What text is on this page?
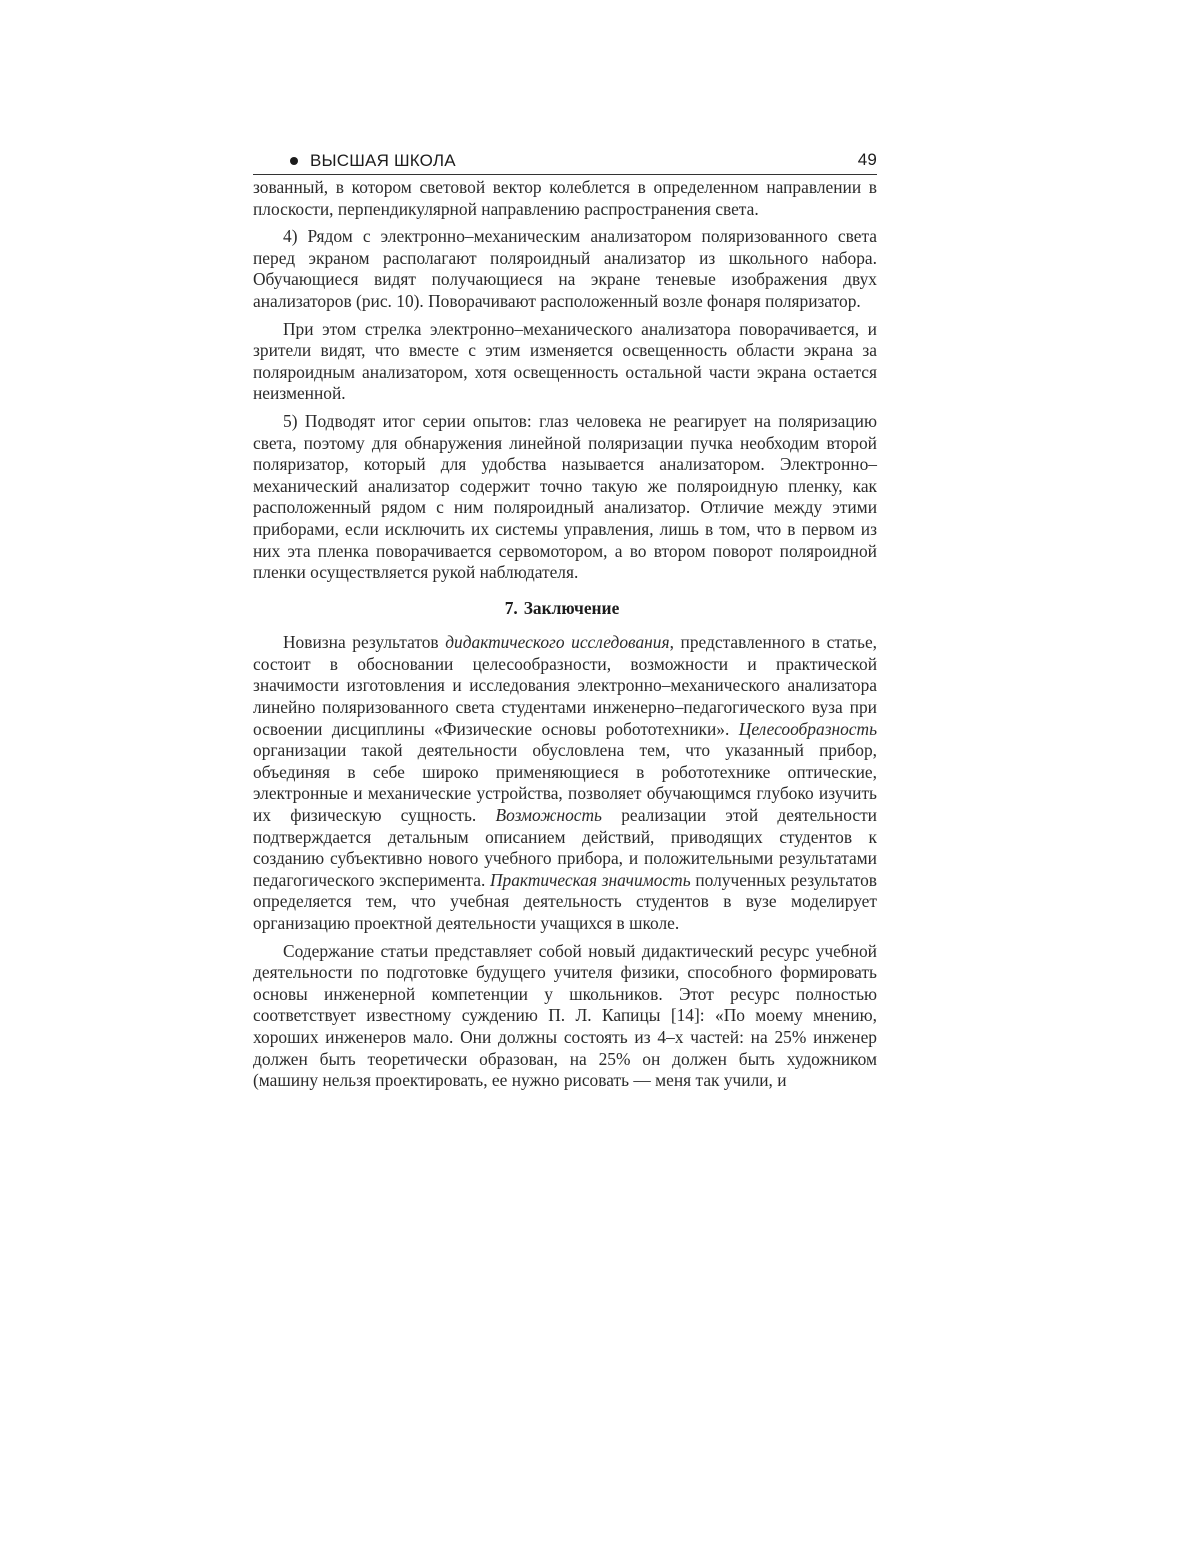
ВЫСШАЯ ШКОЛА	49

зованный, в котором световой вектор колеблется в определенном направлении в плоскости, перпендикулярной направлению распространения света.

4) Рядом с электронно–механическим анализатором поляризованного света перед экраном располагают поляроидный анализатор из школьного набора. Обучающиеся видят получающиеся на экране теневые изображения двух анализаторов (рис. 10). Поворачивают расположенный возле фонаря поляризатор.

При этом стрелка электронно–механического анализатора поворачивается, и зрители видят, что вместе с этим изменяется освещенность области экрана за поляроидным анализатором, хотя освещенность остальной части экрана остается неизменной.

5) Подводят итог серии опытов: глаз человека не реагирует на поляризацию света, поэтому для обнаружения линейной поляризации пучка необходим второй поляризатор, который для удобства называется анализатором. Электронно–механический анализатор содержит точно такую же поляроидную пленку, как расположенный рядом с ним поляроидный анализатор. Отличие между этими приборами, если исключить их системы управления, лишь в том, что в первом из них эта пленка поворачивается сервомотором, а во втором поворот поляроидной пленки осуществляется рукой наблюдателя.

7. Заключение

Новизна результатов дидактического исследования, представленного в статье, состоит в обосновании целесообразности, возможности и практической значимости изготовления и исследования электронно–механического анализатора линейно поляризованного света студентами инженерно–педагогического вуза при освоении дисциплины «Физические основы робототехники». Целесообразность организации такой деятельности обусловлена тем, что указанный прибор, объединяя в себе широко применяющиеся в робототехнике оптические, электронные и механические устройства, позволяет обучающимся глубоко изучить их физическую сущность. Возможность реализации этой деятельности подтверждается детальным описанием действий, приводящих студентов к созданию субъективно нового учебного прибора, и положительными результатами педагогического эксперимента. Практическая значимость полученных результатов определяется тем, что учебная деятельность студентов в вузе моделирует организацию проектной деятельности учащихся в школе.

Содержание статьи представляет собой новый дидактический ресурс учебной деятельности по подготовке будущего учителя физики, способного формировать основы инженерной компетенции у школьников. Этот ресурс полностью соответствует известному суждению П. Л. Капицы [14]: «По моему мнению, хороших инженеров мало. Они должны состоять из 4–х частей: на 25% инженер должен быть теоретически образован, на 25% он должен быть художником (машину нельзя проектировать, ее нужно рисовать — меня так учили, и
